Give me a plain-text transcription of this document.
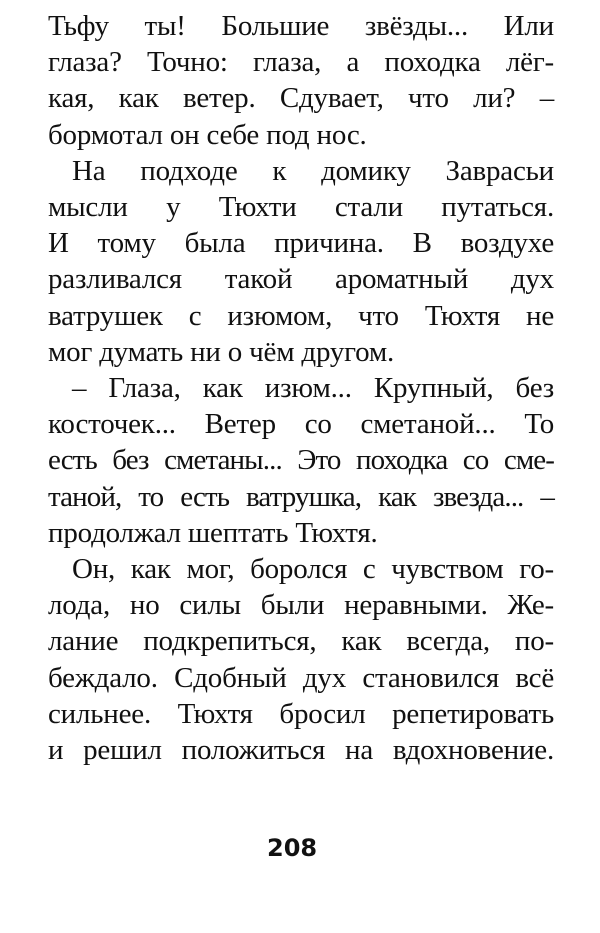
Тьфу ты! Большие звёзды... Или
глаза? Точно: глаза, а походка лёг-
кая, как ветер. Сдувает, что ли? –
бормотал он себе под нос.
На подходе к домику Заврасьи
мысли у Тюхти стали путаться.
И тому была причина. В воздухе
разливался такой ароматный дух
ватрушек с изюмом, что Тюхтя не
мог думать ни о чём другом.
– Глаза, как изюм... Крупный, без
косточек... Ветер со сметаной... То
есть без сметаны... Это походка со сме-
таной, то есть ватрушка, как звезда... –
продолжал шептать Тюхтя.
Он, как мог, боролся с чувством го-
лода, но силы были неравными. Же-
лание подкрепиться, как всегда, по-
беждало. Сдобный дух становился всё
сильнее. Тюхтя бросил репетировать
и решил положиться на вдохновение.
208
